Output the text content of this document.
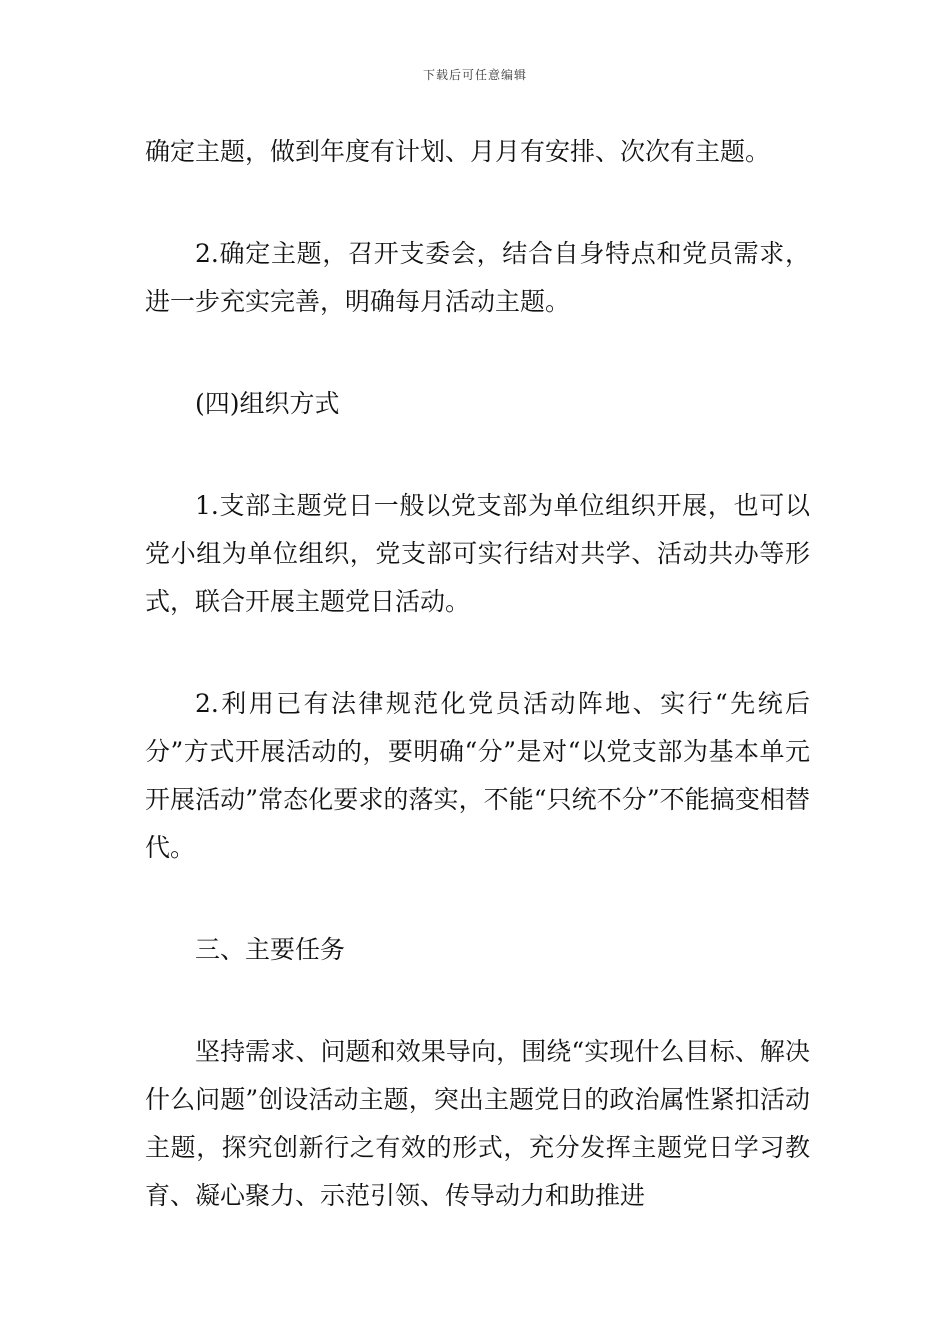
下载后可任意编辑

确定主题，做到年度有计划、月月有安排、次次有主题。

2.确定主题，召开支委会，结合自身特点和党员需求，进一步充实完善，明确每月活动主题。

(四)组织方式

1.支部主题党日一般以党支部为单位组织开展，也可以党小组为单位组织，党支部可实行结对共学、活动共办等形式，联合开展主题党日活动。

2.利用已有法律规范化党员活动阵地、实行“先统后分”方式开展活动的，要明确“分”是对“以党支部为基本单元开展活动”常态化要求的落实，不能“只统不分”不能搞变相替代。

三、主要任务

坚持需求、问题和效果导向，围绕“实现什么目标、解决什么问题”创设活动主题，突出主题党日的政治属性紧扣活动主题，探究创新行之有效的形式，充分发挥主题党日学习教育、凝心聚力、示范引领、传导动力和助推进
